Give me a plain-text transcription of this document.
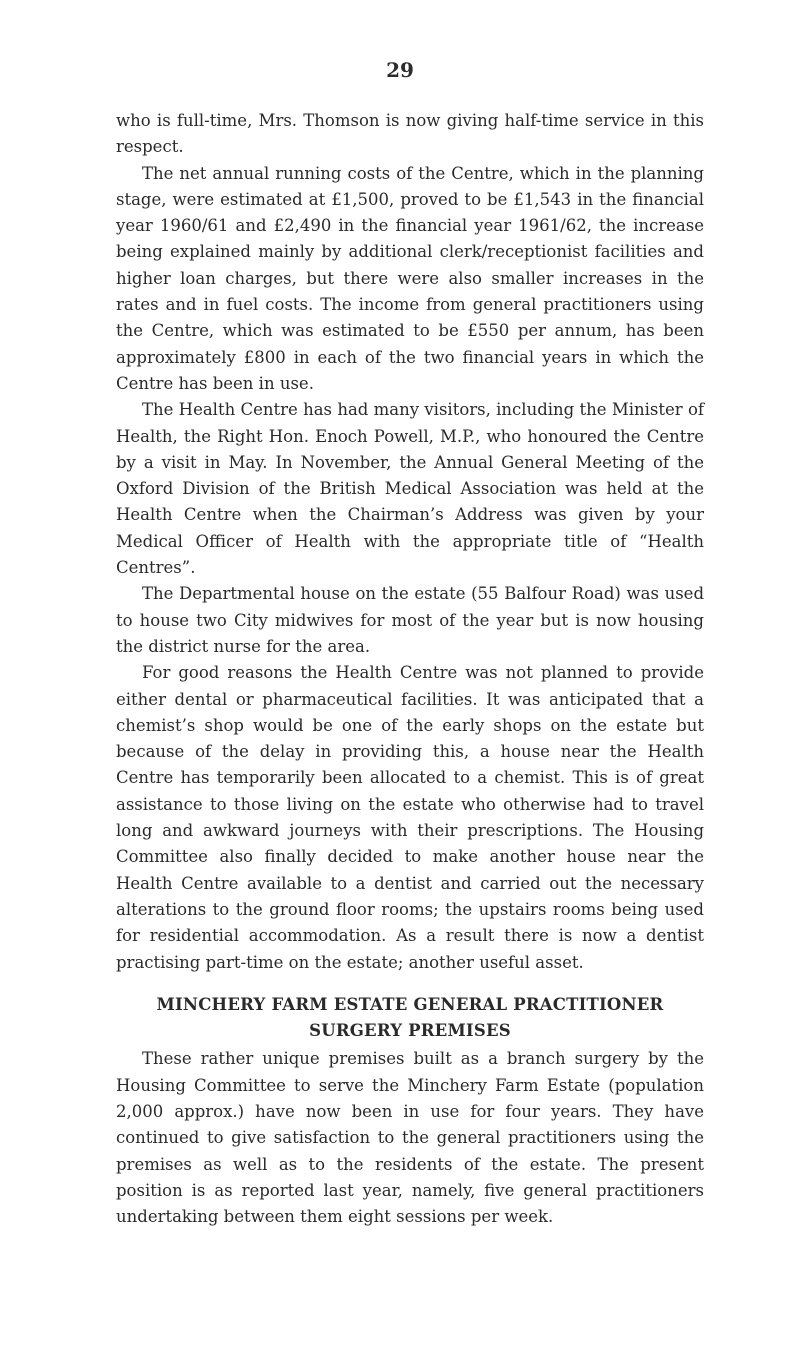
29

who is full-time, Mrs. Thomson is now giving half-time service in this respect.

The net annual running costs of the Centre, which in the planning stage, were estimated at £1,500, proved to be £1,543 in the financial year 1960/61 and £2,490 in the financial year 1961/62, the increase being explained mainly by additional clerk/receptionist facilities and higher loan charges, but there were also smaller increases in the rates and in fuel costs. The income from general practitioners using the Centre, which was estimated to be £550 per annum, has been approximately £800 in each of the two financial years in which the Centre has been in use.

The Health Centre has had many visitors, including the Minister of Health, the Right Hon. Enoch Powell, M.P., who honoured the Centre by a visit in May. In November, the Annual General Meeting of the Oxford Division of the British Medical Association was held at the Health Centre when the Chairman’s Address was given by your Medical Officer of Health with the appropriate title of “Health Centres”.

The Departmental house on the estate (55 Balfour Road) was used to house two City midwives for most of the year but is now housing the district nurse for the area.

For good reasons the Health Centre was not planned to provide either dental or pharmaceutical facilities. It was anticipated that a chemist’s shop would be one of the early shops on the estate but because of the delay in providing this, a house near the Health Centre has temporarily been allocated to a chemist. This is of great assistance to those living on the estate who otherwise had to travel long and awkward journeys with their prescriptions. The Housing Committee also finally decided to make another house near the Health Centre available to a dentist and carried out the necessary alterations to the ground floor rooms; the upstairs rooms being used for residential accommodation. As a result there is now a dentist practising part-time on the estate; another useful asset.

MINCHERY FARM ESTATE GENERAL PRACTITIONER SURGERY PREMISES

These rather unique premises built as a branch surgery by the Housing Committee to serve the Minchery Farm Estate (population 2,000 approx.) have now been in use for four years. They have continued to give satisfaction to the general practitioners using the premises as well as to the residents of the estate. The present position is as reported last year, namely, five general practitioners undertaking between them eight sessions per week.
